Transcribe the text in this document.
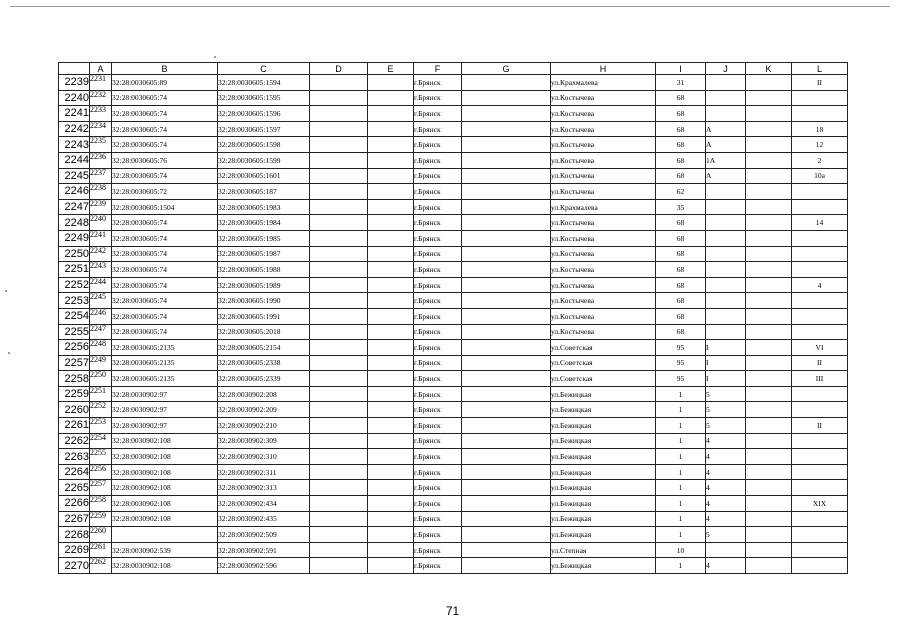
	A	B	C	D	E	F	G	H	I	J	K	L
2239	2231	32:28:0030605:89	32:28:0030605:1594			г.Брянск		ул.Крахмалева	31			II
2240	2232	32:28:0030605:74	32:28:0030605:1595			г.Брянск		ул.Костычева	68			
2241	2233	32:28:0030605:74	32:28:0030605:1596			г.Брянск		ул.Костычева	68			
2242	2234	32:28:0030605:74	32:28:0030605:1597			г.Брянск		ул.Костычева	68	А		18
2243	2235	32:28:0030605:74	32:28:0030605:1598			г.Брянск		ул.Костычева	68	А		12
2244	2236	32:28:0030605:76	32:28:0030605:1599			г.Брянск		ул.Костычева	68	1А		2
2245	2237	32:28:0030605:74	32:28:0030605:1601			г.Брянск		ул.Костычева	68	А		10а
2246	2238	32:28:0030605:72	32:28:0030605:187			г.Брянск		ул.Костычева	62			
2247	2239	32:28:0030605:1504	32:28:0030605:1983			г.Брянск		ул.Крахмалева	35			
2248	2240	32:28:0030605:74	32:28:0030605:1984			г.Брянск		ул.Костычева	68			14
2249	2241	32:28:0030605:74	32:28:0030605:1985			г.Брянск		ул.Костычева	68			
2250	2242	32:28:0030605:74	32:28:0030605:1987			г.Брянск		ул.Костычева	68			
2251	2243	32:28:0030605:74	32:28:0030605:1988			г.Брянск		ул.Костычева	68			
2252	2244	32:28:0030605:74	32:28:0030605:1989			г.Брянск		ул.Костычева	68			4
2253	2245	32:28:0030605:74	32:28:0030605:1990			г.Брянск		ул.Костычева	68			
2254	2246	32:28:0030605:74	32:28:0030605:1991			г.Брянск		ул.Костычева	68			
2255	2247	32:28:0030605:74	32:28:0030605:2018			г.Брянск		ул.Костычева	68			
2256	2248	32:28:0030605:2135	32:28:0030605:2154			г.Брянск		ул.Советская	95	I		VI
2257	2249	32:28:0030605:2135	32:28:0030605:2338			г.Брянск		ул.Советская	95	I		II
2258	2250	32:28:0030605:2135	32:28:0030605:2339			г.Брянск		ул.Советская	95	I		III
2259	2251	32:28:0030902:97	32:28:0030902:208			г.Брянск		ул.Бежицкая	1	5		
2260	2252	32:28:0030902:97	32:28:0030902:209			г.Брянск		ул.Бежицкая	1	5		
2261	2253	32:28:0030902:97	32:28:0030902:210			г.Брянск		ул.Бежицкая	1	5		II
2262	2254	32:28:0030902:108	32:28:0030902:309			г.Брянск		ул.Бежицкая	1	4		
2263	2255	32:28:0030902:108	32:28:0030902:310			г.Брянск		ул.Бежицкая	1	4		
2264	2256	32:28:0030902:108	32:28:0030902:311			г.Брянск		ул.Бежицкая	1	4		
2265	2257	32:28:0030902:108	32:28:0030902:313			г.Брянск		ул.Бежицкая	1	4		
2266	2258	32:28:0030902:108	32:28:0030902:434			г.Брянск		ул.Бежицкая	1	4		XIX
2267	2259	32:28:0030902:108	32:28:0030902:435			г.Брянск		ул.Бежицкая	1	4		
2268	2260		32:28:0030902:509			г.Брянск		ул.Бежицкая	1	5		
2269	2261	32:28:0030902:539	32:28:0030902:591			г.Брянск		ул.Степная	10			
2270	2262	32:28:0030902:108	32:28:0030902:596			г.Брянск		ул.Бежицкая	1	4		
71
